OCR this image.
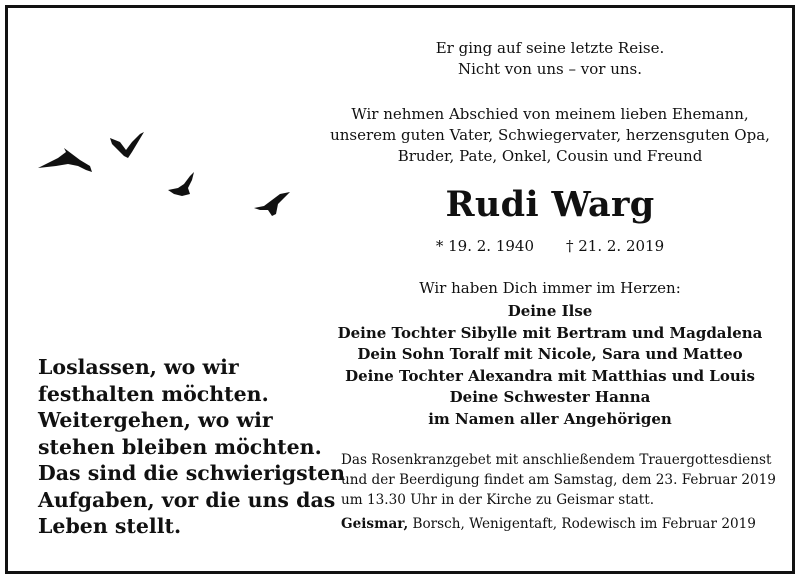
Loslassen, wo wir
festhalten möchten.
Weitergehen, wo wir
stehen bleiben möchten.
Das sind die schwierigsten
Aufgaben, vor die uns das
Leben stellt.
Er ging auf seine letzte Reise.
Nicht von uns – vor uns.
Wir nehmen Abschied von meinem lieben Ehemann,
unserem guten Vater, Schwiegervater, herzensguten Opa,
Bruder, Pate, Onkel, Cousin und Freund
Rudi Warg
* 19. 2. 1940 † 21. 2. 2019
Wir haben Dich immer im Herzen:
Deine Ilse
Deine Tochter Sibylle mit Bertram und Magdalena
Dein Sohn Toralf mit Nicole, Sara und Matteo
Deine Tochter Alexandra mit Matthias und Louis
Deine Schwester Hanna
im Namen aller Angehörigen
Das Rosenkranzgebet mit anschließendem Trauergottesdienst
und der Beerdigung findet am Samstag, dem 23. Februar 2019
um 13.30 Uhr in der Kirche zu Geismar statt.
Geismar, Borsch, Wenigentaft, Rodewisch im Februar 2019
